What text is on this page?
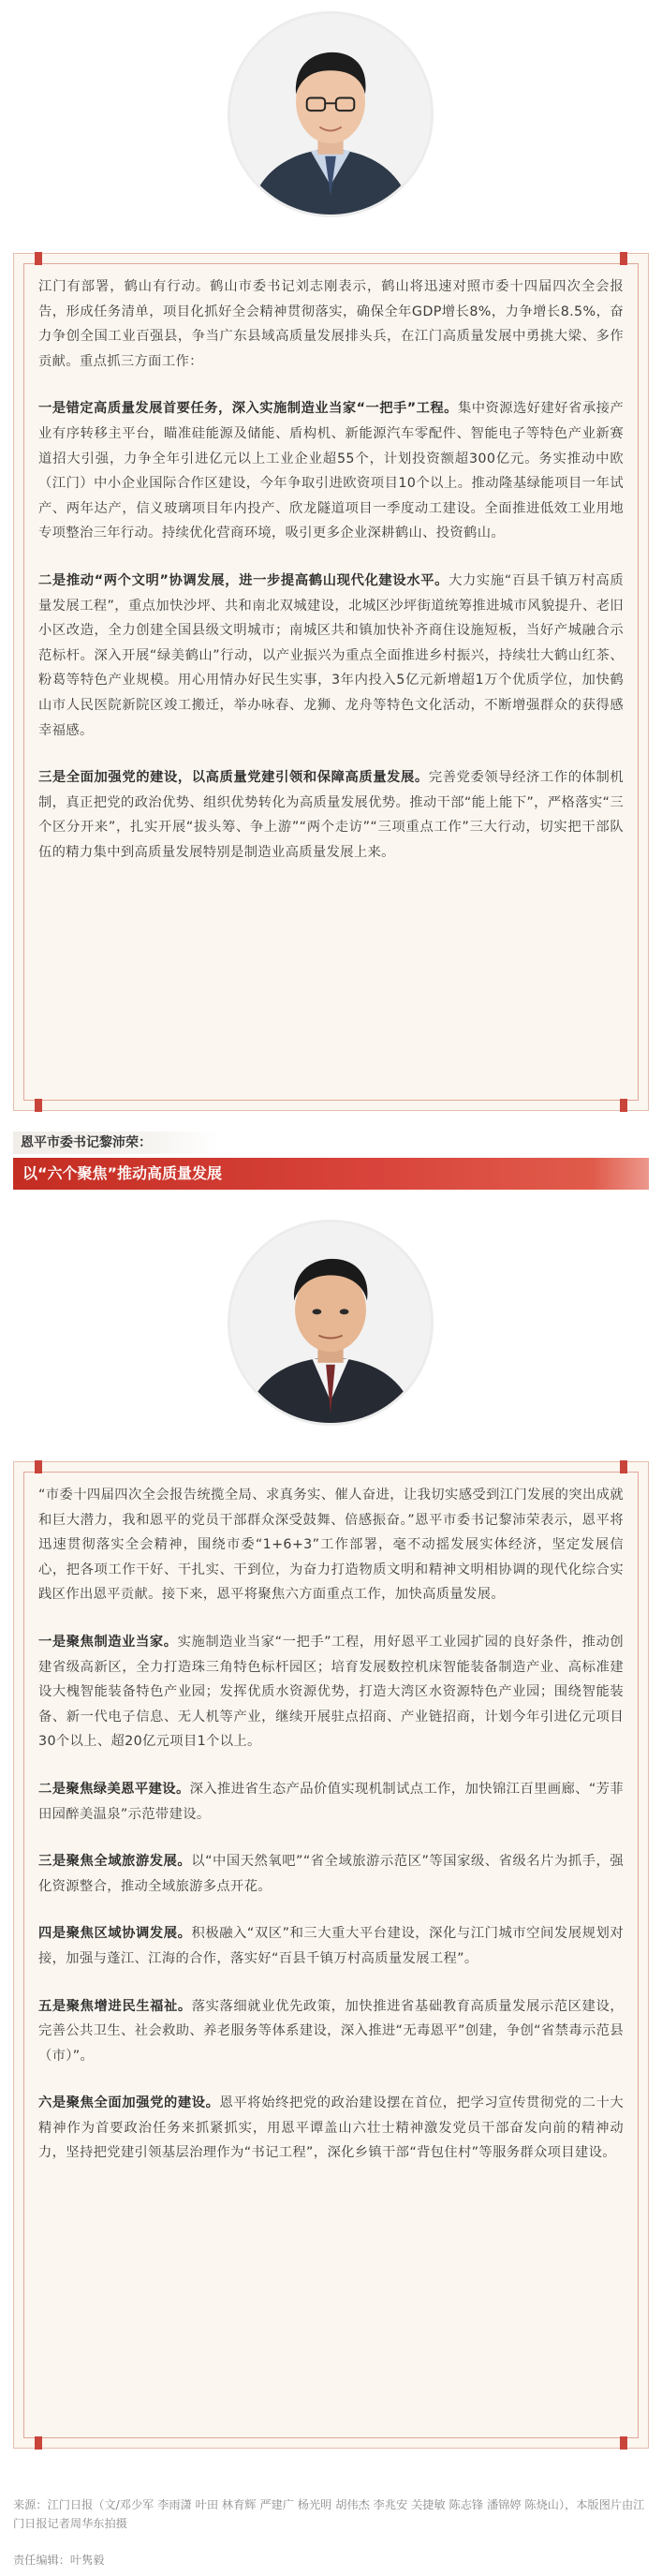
江门有部署，鹤山有行动。鹤山市委书记刘志刚表示，鹤山将迅速对照市委十四届四次全会报告，形成任务清单，项目化抓好全会精神贯彻落实，确保全年GDP增长8%，力争增长8.5%，奋力争创全国工业百强县，争当广东县域高质量发展排头兵，在江门高质量发展中勇挑大梁、多作贡献。重点抓三方面工作：

一是错定高质量发展首要任务，深入实施制造业当家“一把手”工程。集中资源选好建好省承接产业有序转移主平台，瞄准硅能源及储能、盾构机、新能源汽车零配件、智能电子等特色产业新赛道招大引强，力争全年引进亿元以上工业企业超55个，计划投资额超300亿元。务实推动中欧（江门）中小企业国际合作区建设，今年争取引进欧资项目10个以上。推动隆基绿能项目一年试产、两年达产，信义玻璃项目年内投产、欣龙隧道项目一季度动工建设。全面推进低效工业用地专项整治三年行动。持续优化营商环境，吸引更多企业深耕鹤山、投资鹤山。

二是推动“两个文明”协调发展，进一步提高鹤山现代化建设水平。大力实施“百县千镇万村高质量发展工程”，重点加快沙坪、共和南北双城建设，北城区沙坪街道统筹推进城市风貌提升、老旧小区改造，全力创建全国县级文明城市；南城区共和镇加快补齐商住设施短板，当好产城融合示范标杆。深入开展“绿美鹤山”行动，以产业振兴为重点全面推进乡村振兴，持续壮大鹤山红茶、粉葛等特色产业规模。用心用情办好民生实事，3年内投入5亿元新增超1万个优质学位，加快鹤山市人民医院新院区竣工搬迁，举办咏春、龙狮、龙舟等特色文化活动，不断增强群众的获得感幸福感。

三是全面加强党的建设，以高质量党建引领和保障高质量发展。完善党委领导经济工作的体制机制，真正把党的政治优势、组织优势转化为高质量发展优势。推动干部“能上能下”，严格落实“三个区分开来”，扎实开展“拔头筹、争上游”“两个走访”“三项重点工作”三大行动，切实把干部队伍的精力集中到高质量发展特别是制造业高质量发展上来。

恩平市委书记黎沛荣：
以“六个聚焦”推动高质量发展

“市委十四届四次全会报告统揽全局、求真务实、催人奋进，让我切实感受到江门发展的突出成就和巨大潜力，我和恩平的党员干部群众深受鼓舞、倍感振奋。”恩平市委书记黎沛荣表示，恩平将迅速贯彻落实全会精神，围绕市委“1+6+3”工作部署，毫不动摇发展实体经济，坚定发展信心，把各项工作干好、干扎实、干到位，为奋力打造物质文明和精神文明相协调的现代化综合实践区作出恩平贡献。接下来，恩平将聚焦六方面重点工作，加快高质量发展。

一是聚焦制造业当家。实施制造业当家“一把手”工程，用好恩平工业园扩园的良好条件，推动创建省级高新区，全力打造珠三角特色标杆园区；培育发展数控机床智能装备制造产业、高标准建设大槐智能装备特色产业园；发挥优质水资源优势，打造大湾区水资源特色产业园；围绕智能装备、新一代电子信息、无人机等产业，继续开展驻点招商、产业链招商，计划今年引进亿元项目30个以上、超20亿元项目1个以上。

二是聚焦绿美恩平建设。深入推进省生态产品价值实现机制试点工作，加快锦江百里画廊、“芳菲田园醉美温泉”示范带建设。

三是聚焦全域旅游发展。以“中国天然氧吧”“省全域旅游示范区”等国家级、省级名片为抓手，强化资源整合，推动全域旅游多点开花。

四是聚焦区域协调发展。积极融入“双区”和三大重大平台建设，深化与江门城市空间发展规划对接，加强与蓬江、江海的合作，落实好“百县千镇万村高质量发展工程”。

五是聚焦增进民生福祉。落实落细就业优先政策，加快推进省基础教育高质量发展示范区建设，完善公共卫生、社会救助、养老服务等体系建设，深入推进“无毒恩平”创建，争创“省禁毒示范县（市）”。

六是聚焦全面加强党的建设。恩平将始终把党的政治建设摆在首位，把学习宣传贯彻党的二十大精神作为首要政治任务来抓紧抓实，用恩平谭盖山六壮士精神激发党员干部奋发向前的精神动力，坚持把党建引领基层治理作为“书记工程”，深化乡镇干部“背包住村”等服务群众项目建设。

来源：江门日报（文/邓少军 李雨潇 叶田 林育辉 严建广 杨光明 胡伟杰 李兆安 关捷敏 陈志锋 潘锦婷 陈烧山），本版图片由江门日报记者周华东拍摄
责任编辑：叶隽毅
